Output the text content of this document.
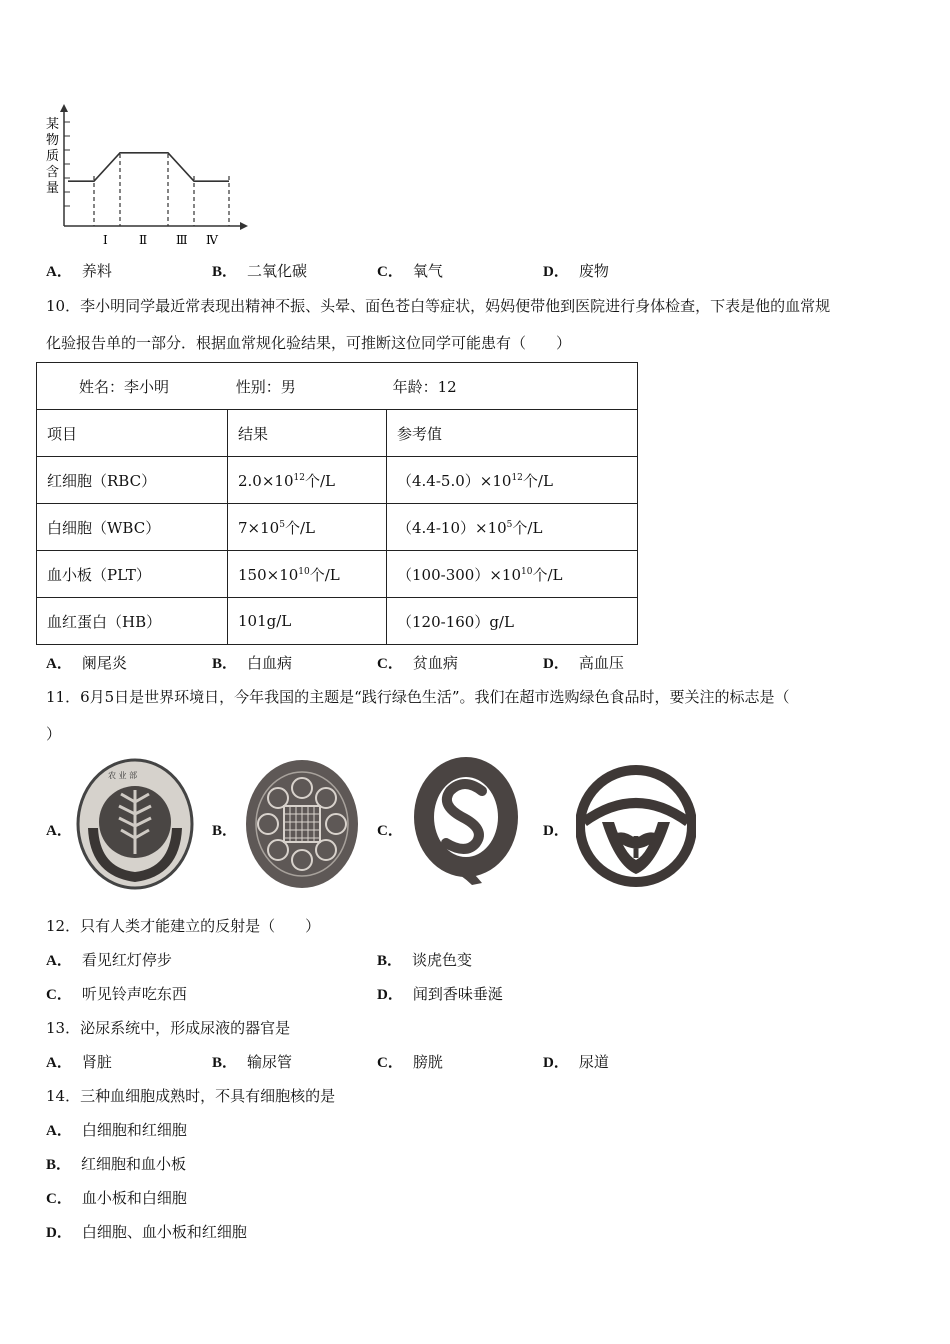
某
物
质
含
量
Ⅰ	Ⅱ Ⅲ Ⅳ
A． 养料	B． 二氧化碳	C． 氧气	D． 废物
10．李小明同学最近常表现出精神不振、头晕、面色苍白等症状，妈妈便带他到医院进行身体检查，下表是他的血常规
化验报告单的一部分．根据血常规化验结果，可推断这位同学可能患有（　　）
姓名：李小明 性别：男 年龄：12		
项目	结果	参考值
红细胞（RBC）	$2.0\times 10^{12}$个/L	$(4.4-5.0)\times 10^{12}$个/L
白细胞（WBC）	$7\times 10^5$个/L	$(4.4-10)\times 10^5$个/L
血小板（PLT）	$150\times 10^{10}$个/L	$(100-300)\times 10^{10}$个/L
血红蛋白（HB）	101g/L	（120-160）g/L
A． 阑尾炎	B． 白血病	C． 贫血病	D． 高血压
11．6月5日是世界环境日，今年我国的主题是“践行绿色生活”。我们在超市选购绿色食品时，要关注的标志是（
）
A．
农 业 部
B．	C．	D．
12．只有人类才能建立的反射是（　　）
A． 看见红灯停步	B． 谈虎色变
C． 听见铃声吃东西	D． 闻到香味垂涎
13．泌尿系统中，形成尿液的器官是
A． 肾脏	B． 输尿管	C． 膀胱	D． 尿道
14．三种血细胞成熟时，不具有细胞核的是
A． 白细胞和红细胞
B． 红细胞和血小板
C． 血小板和白细胞
D． 白细胞、血小板和红细胞
